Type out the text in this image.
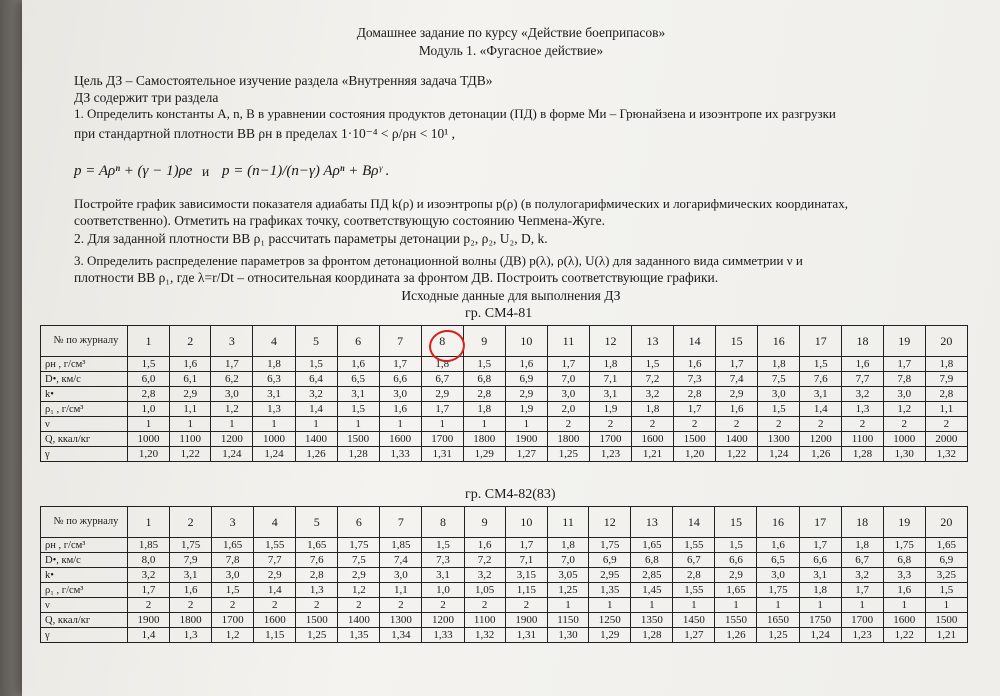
Домашнее задание по курсу «Действие боеприпасов»
Модуль 1. «Фугасное действие»
Цель ДЗ – Самостоятельное изучение раздела «Внутренняя задача ТДВ»
ДЗ содержит три раздела
1. Определить константы A, n, B в уравнении состояния продуктов детонации (ПД) в форме Ми – Грюнайзена и изоэнтропе их разгрузки
при стандартной плотности ВВ ρн в пределах 1·10⁻⁴ < ρ/ρн < 10¹ ,
p = Aρⁿ + (γ − 1)ρe и p = (n−1)/(n−γ) Aρⁿ + Bρᵞ .
Постройте график зависимости показателя адиабаты ПД k(ρ) и изоэнтропы p(ρ) (в полулогарифмических и логарифмических координатах,
соответственно). Отметить на графиках точку, соответствующую состоянию Чепмена-Жуге.
2. Для заданной плотности ВВ ρ₁ рассчитать параметры детонации p₂, ρ₂, U₂, D, k.
3. Определить распределение параметров за фронтом детонационной волны (ДВ) p(λ), ρ(λ), U(λ) для заданного вида симметрии ν и
плотности ВВ ρ₁, где λ=r/Dt – относительная координата за фронтом ДВ. Построить соответствующие графики.
Исходные данные для выполнения ДЗ
гр. СМ4-81
№ по журналу	1	2	3	4	5	6	7	8	9	10	11	12	13	14	15	16	17	18	19	20
ρн , г/см³	1,5	1,6	1,7	1,8	1,5	1,6	1,7	1,8	1,5	1,6	1,7	1,8	1,5	1,6	1,7	1,8	1,5	1,6	1,7	1,8
D•, км/с	6,0	6,1	6,2	6,3	6,4	6,5	6,6	6,7	6,8	6,9	7,0	7,1	7,2	7,3	7,4	7,5	7,6	7,7	7,8	7,9
k•	2,8	2,9	3,0	3,1	3,2	3,1	3,0	2,9	2,8	2,9	3,0	3,1	3,2	2,8	2,9	3,0	3,1	3,2	3,0	2,8
ρ₁ , г/см³	1,0	1,1	1,2	1,3	1,4	1,5	1,6	1,7	1,8	1,9	2,0	1,9	1,8	1,7	1,6	1,5	1,4	1,3	1,2	1,1
ν	1	1	1	1	1	1	1	1	1	1	2	2	2	2	2	2	2	2	2	2
Q, ккал/кг	1000	1100	1200	1000	1400	1500	1600	1700	1800	1900	1800	1700	1600	1500	1400	1300	1200	1100	1000	2000
γ	1,20	1,22	1,24	1,24	1,26	1,28	1,33	1,31	1,29	1,27	1,25	1,23	1,21	1,20	1,22	1,24	1,26	1,28	1,30	1,32
гр. СМ4-82(83)
№ по журналу	1	2	3	4	5	6	7	8	9	10	11	12	13	14	15	16	17	18	19	20
ρн , г/см³	1,85	1,75	1,65	1,55	1,65	1,75	1,85	1,5	1,6	1,7	1,8	1,75	1,65	1,55	1,5	1,6	1,7	1,8	1,75	1,65
D•, км/с	8,0	7,9	7,8	7,7	7,6	7,5	7,4	7,3	7,2	7,1	7,0	6,9	6,8	6,7	6,6	6,5	6,6	6,7	6,8	6,9
k•	3,2	3,1	3,0	2,9	2,8	2,9	3,0	3,1	3,2	3,15	3,05	2,95	2,85	2,8	2,9	3,0	3,1	3,2	3,3	3,25
ρ₁ , г/см³	1,7	1,6	1,5	1,4	1,3	1,2	1,1	1,0	1,05	1,15	1,25	1,35	1,45	1,55	1,65	1,75	1,8	1,7	1,6	1,5
ν	2	2	2	2	2	2	2	2	2	2	1	1	1	1	1	1	1	1	1	1
Q, ккал/кг	1900	1800	1700	1600	1500	1400	1300	1200	1100	1900	1150	1250	1350	1450	1550	1650	1750	1700	1600	1500
γ	1,4	1,3	1,2	1,15	1,25	1,35	1,34	1,33	1,32	1,31	1,30	1,29	1,28	1,27	1,26	1,25	1,24	1,23	1,22	1,21
